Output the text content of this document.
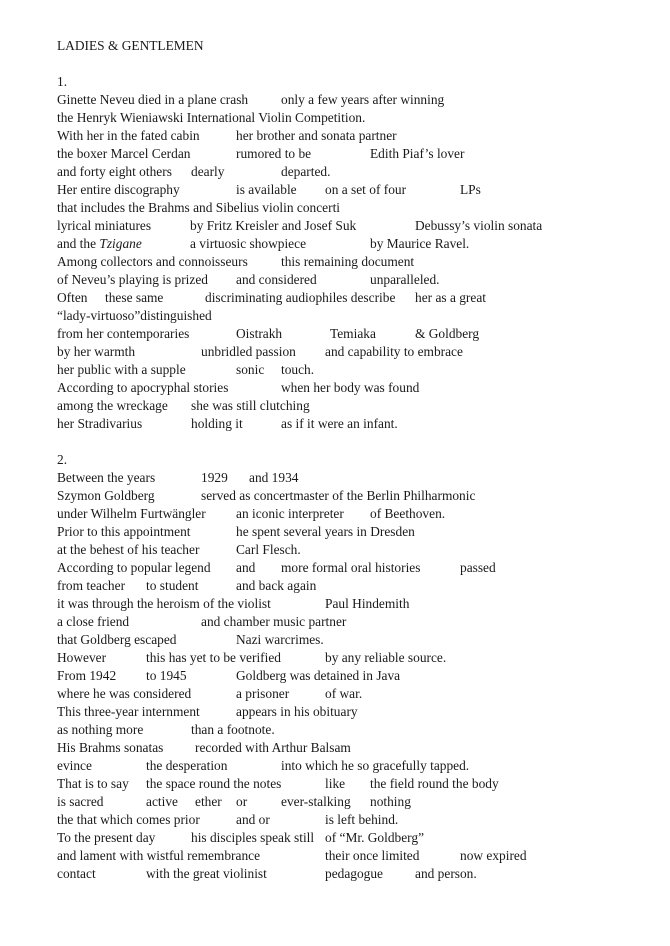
LADIES & GENTLEMEN
1.
Ginette Neveu died in a plane crash only a few years after winning
the Henryk Wieniawski International Violin Competition.
With her in the fated cabin	her brother and sonata partner
the boxer Marcel Cerdan	rumored to be	Edith Piaf’s lover
and forty eight others dearly	departed.
Her entire discography	is available on a set of four	LPs
that includes the Brahms and Sibelius violin concerti
lyrical miniatures	by Fritz Kreisler and Josef Suk	Debussy’s violin sonata
and the Tzigane	a virtuosic showpiece	by Maurice Ravel.
Among collectors and connoisseurs this remaining document
of Neveu’s playing is prized and considered	unparalleled.
Often these same	discriminating audiophiles describe her as a great
“lady-virtuoso”distinguished
from her contemporaries	Oistrakh	Temiaka	& Goldberg
by her warmth	unbridled passion and capability to embrace
her public with a supple	sonic touch.
According to apocryphal stories	when her body was found
among the wreckage she was still clutching
her Stradivarius	holding it	as if it were an infant.
2.
Between the years	1929 and 1934
Szymon Goldberg	served as concertmaster of the Berlin Philharmonic
under Wilhelm Furtwängler an iconic interpreter of Beethoven.
Prior to this appointment	he spent several years in Dresden
at the behest of his teacher	Carl Flesch.
According to popular legend and more formal oral histories	passed
from teacher to student	and back again
it was through the heroism of the violist	Paul Hindemith
a close friend	and chamber music partner
that Goldberg escaped	Nazi warcrimes.
However	this has yet to be verified	by any reliable source.
From 1942 to 1945	Goldberg was detained in Java
where he was considered	a prisoner	of war.
This three-year internment	appears in his obituary
as nothing more	than a footnote.
His Brahms sonatas recorded with Arthur Balsam
evince	the desperation	into which he so gracefully tapped.
That is to say the space round the notes	like the field round the body
is sacred	active ether or	ever-stalking nothing
the that which comes prior	and or	is left behind.
To the present day	his disciples speak still of “Mr. Goldberg”
and lament with wistful remembrance	their once limited	now expired
contact	with the great violinist	pedagogue and person.
